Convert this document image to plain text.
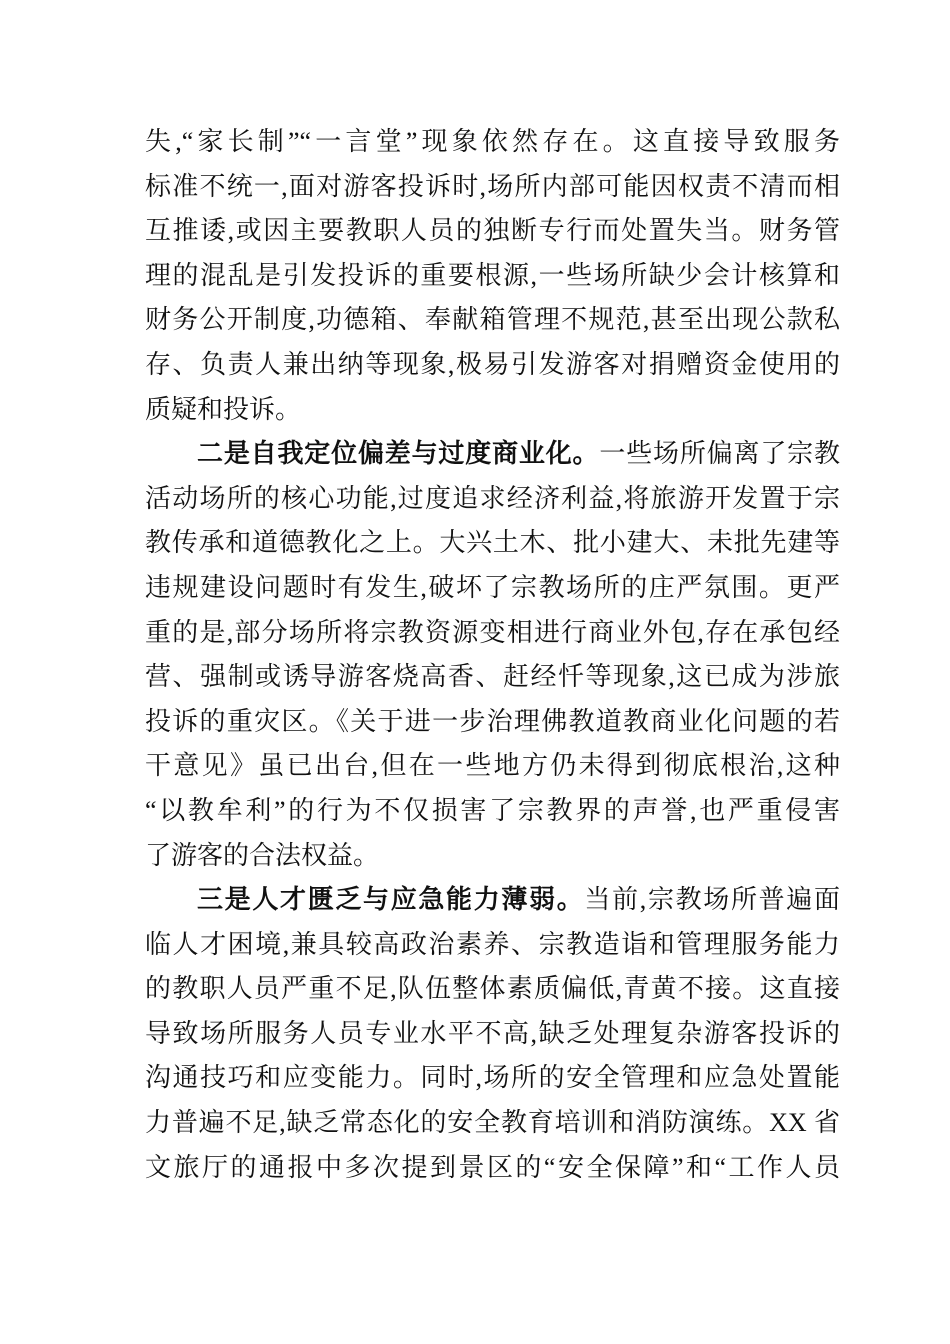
失,“家长制”“一言堂”现象依然存在。这直接导致服务
标准不统一,面对游客投诉时,场所内部可能因权责不清而相
互推诿,或因主要教职人员的独断专行而处置失当。财务管
理的混乱是引发投诉的重要根源,一些场所缺少会计核算和
财务公开制度,功德箱、奉献箱管理不规范,甚至出现公款私
存、负责人兼出纳等现象,极易引发游客对捐赠资金使用的
质疑和投诉。
二是自我定位偏差与过度商业化。一些场所偏离了宗教
活动场所的核心功能,过度追求经济利益,将旅游开发置于宗
教传承和道德教化之上。大兴土木、批小建大、未批先建等
违规建设问题时有发生,破坏了宗教场所的庄严氛围。更严
重的是,部分场所将宗教资源变相进行商业外包,存在承包经
营、强制或诱导游客烧高香、赶经忏等现象,这已成为涉旅
投诉的重灾区。《关于进一步治理佛教道教商业化问题的若
干意见》虽已出台,但在一些地方仍未得到彻底根治,这种
“以教牟利”的行为不仅损害了宗教界的声誉,也严重侵害
了游客的合法权益。
三是人才匮乏与应急能力薄弱。当前,宗教场所普遍面
临人才困境,兼具较高政治素养、宗教造诣和管理服务能力
的教职人员严重不足,队伍整体素质偏低,青黄不接。这直接
导致场所服务人员专业水平不高,缺乏处理复杂游客投诉的
沟通技巧和应变能力。同时,场所的安全管理和应急处置能
力普遍不足,缺乏常态化的安全教育培训和消防演练。XX 省
文旅厅的通报中多次提到景区的“安全保障”和“工作人员
